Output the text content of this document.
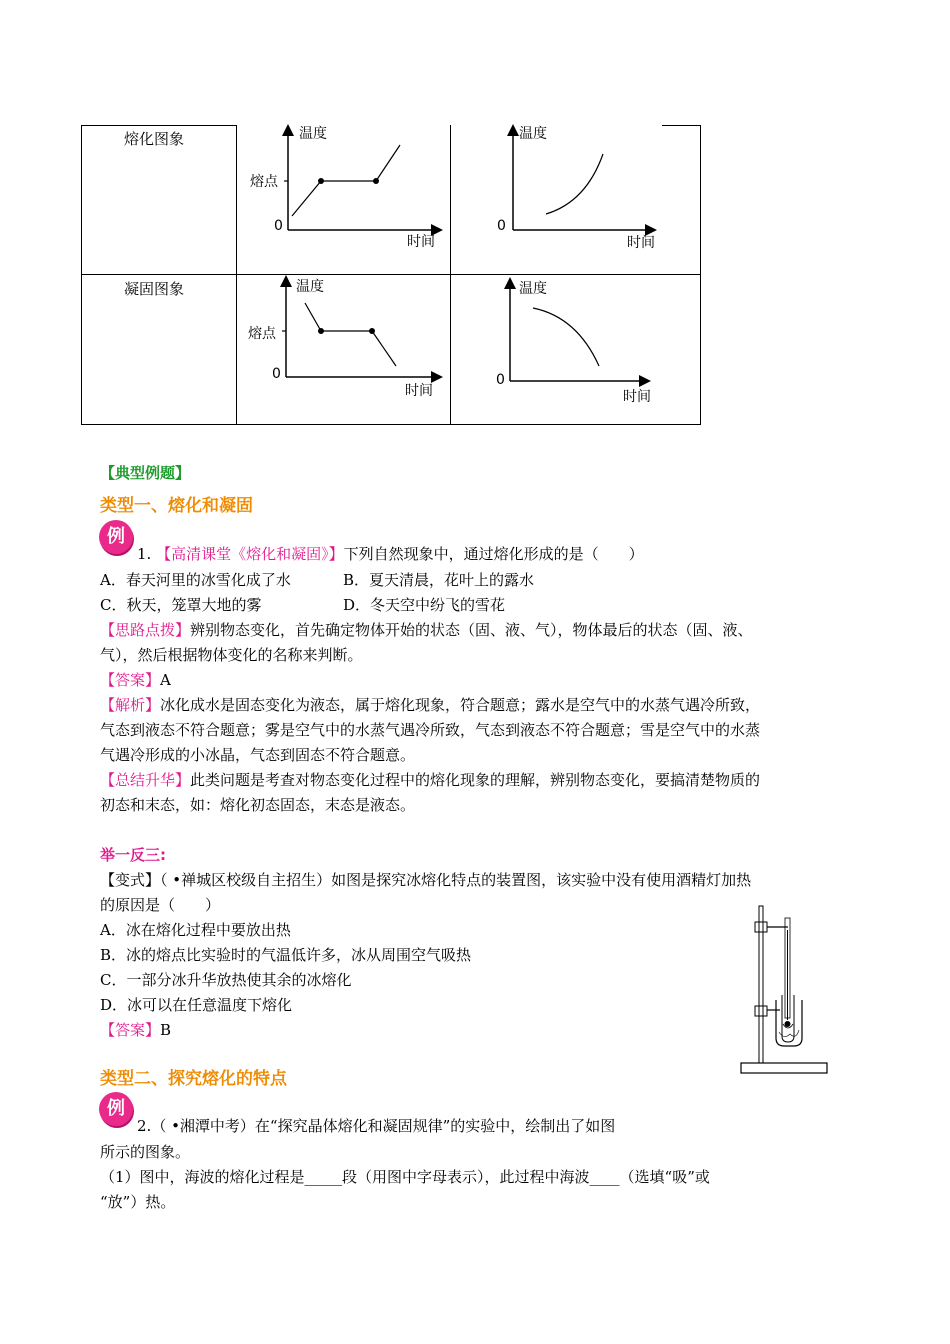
熔化图象
凝固图象
温度
熔点
0
时间
温度
0
时间
温度
熔点
0
时间
温度
0
时间
【典型例题】
类型一、熔化和凝固
例
1. 【高清课堂《熔化和凝固》】下列自然现象中，通过熔化形成的是（　　）
A．春天河里的冰雪化成了水	B．夏天清晨，花叶上的露水
C．秋天，笼罩大地的雾	D．冬天空中纷飞的雪花
【思路点拨】辨别物态变化，首先确定物体开始的状态（固、液、气），物体最后的状态（固、液、
气），然后根据物体变化的名称来判断。
【答案】A
【解析】冰化成水是固态变化为液态，属于熔化现象，符合题意；露水是空气中的水蒸气遇冷所致，
气态到液态不符合题意；雾是空气中的水蒸气遇冷所致，气态到液态不符合题意；雪是空气中的水蒸
气遇冷形成的小冰晶，气态到固态不符合题意。
【总结升华】此类问题是考查对物态变化过程中的熔化现象的理解，辨别物态变化，要搞清楚物质的
初态和末态，如：熔化初态固态，末态是液态。
举一反三:
【变式】（ •禅城区校级自主招生）如图是探究冰熔化特点的装置图，该实验中没有使用酒精灯加热
的原因是（　　）
A．冰在熔化过程中要放出热
B．冰的熔点比实验时的气温低许多，冰从周围空气吸热
C．一部分冰升华放热使其余的冰熔化
D．冰可以在任意温度下熔化
【答案】B
类型二、探究熔化的特点
例
2.（ •湘潭中考）在“探究晶体熔化和凝固规律”的实验中，绘制出了如图
所示的图象。
（1）图中，海波的熔化过程是_____段（用图中字母表示），此过程中海波____（选填“吸”或
“放”）热。
